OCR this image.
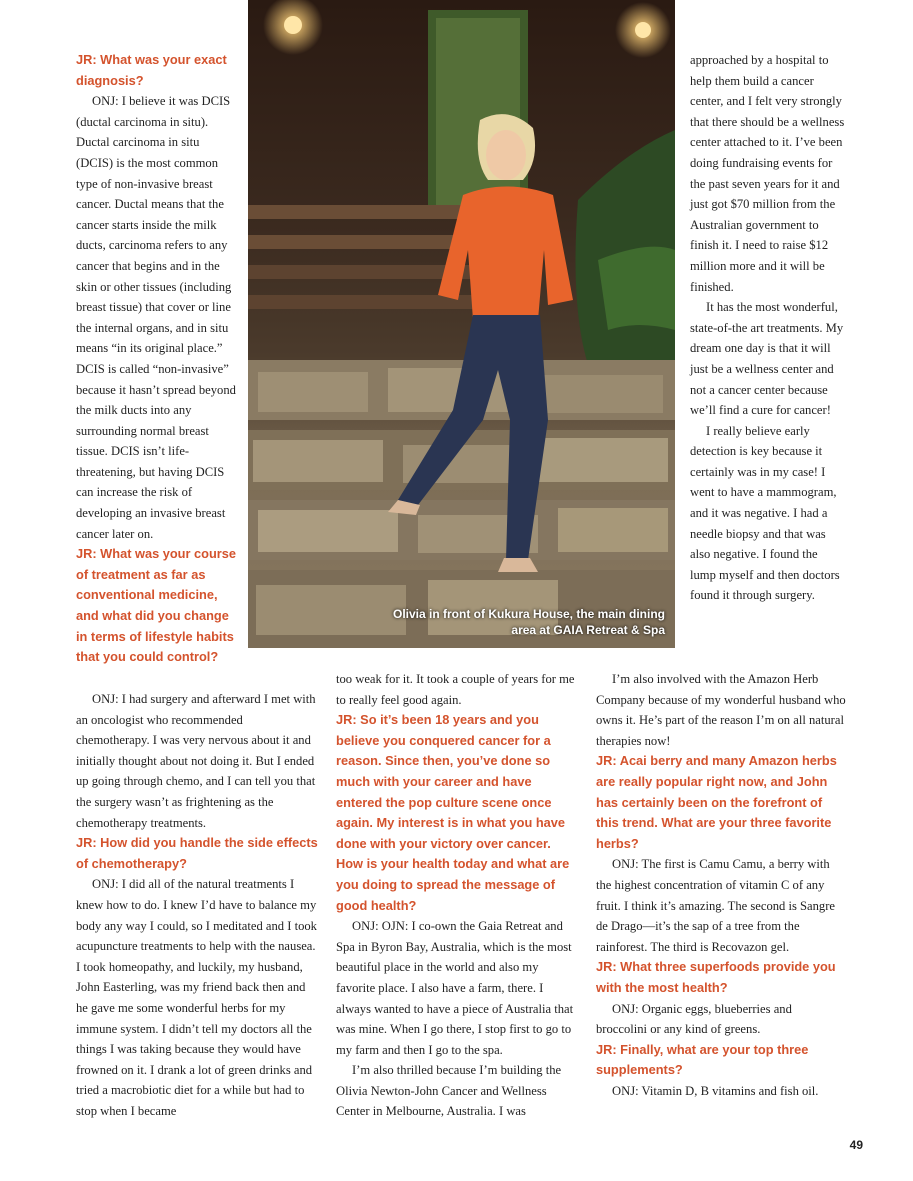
JR: What was your exact diagnosis?

ONJ: I believe it was DCIS (ductal carcinoma in situ). Ductal carcinoma in situ (DCIS) is the most common type of non-invasive breast cancer. Ductal means that the cancer starts inside the milk ducts, carcinoma refers to any cancer that begins and in the skin or other tissues (including breast tissue) that cover or line the internal organs, and in situ means “in its original place.” DCIS is called “non-invasive” because it hasn’t spread beyond the milk ducts into any surrounding normal breast tissue. DCIS isn’t life-threatening, but having DCIS can increase the risk of developing an invasive breast cancer later on.

JR: What was your course of treatment as far as conventional medicine, and what did you change in terms of lifestyle habits that you could control?

Olivia in front of Kukura House, the main dining
area at GAIA Retreat & Spa

approached by a hospital to help them build a cancer center, and I felt very strongly that there should be a wellness center attached to it. I’ve been doing fundraising events for the past seven years for it and just got $70 million from the Australian government to finish it. I need to raise $12 million more and it will be finished.

It has the most wonderful, state-of-the art treatments. My dream one day is that it will just be a wellness center and not a cancer center because we’ll find a cure for cancer!

I really believe early detection is key because it certainly was in my case! I went to have a mammogram, and it was negative. I had a needle biopsy and that was also negative. I found the lump myself and then doctors found it through surgery.

ONJ: I had surgery and afterward I met with an oncologist who recommended chemotherapy. I was very nervous about it and initially thought about not doing it. But I ended up going through chemo, and I can tell you that the surgery wasn’t as frightening as the chemotherapy treatments.

JR: How did you handle the side effects of chemotherapy?

ONJ: I did all of the natural treatments I knew how to do. I knew I’d have to balance my body any way I could, so I meditated and I took acupuncture treatments to help with the nausea. I took homeopathy, and luckily, my husband, John Easterling, was my friend back then and he gave me some wonderful herbs for my immune system. I didn’t tell my doctors all the things I was taking because they would have frowned on it. I drank a lot of green drinks and tried a macrobiotic diet for a while but had to stop when I became

too weak for it. It took a couple of years for me to really feel good again.

JR: So it’s been 18 years and you believe you conquered cancer for a reason. Since then, you’ve done so much with your career and have entered the pop culture scene once again. My interest is in what you have done with your victory over cancer. How is your health today and what are you doing to spread the message of good health?

ONJ: OJN: I co-own the Gaia Retreat and Spa in Byron Bay, Australia, which is the most beautiful place in the world and also my favorite place. I also have a farm, there. I always wanted to have a piece of Australia that was mine. When I go there, I stop first to go to my farm and then I go to the spa.

I’m also thrilled because I’m building the Olivia Newton-John Cancer and Wellness Center in Melbourne, Australia. I was

I’m also involved with the Amazon Herb Company because of my wonderful husband who owns it. He’s part of the reason I’m on all natural therapies now!

JR: Acai berry and many Amazon herbs are really popular right now, and John has certainly been on the forefront of this trend. What are your three favorite herbs?

ONJ: The first is Camu Camu, a berry with the highest concentration of vitamin C of any fruit. I think it’s amazing. The second is Sangre de Drago—it’s the sap of a tree from the rainforest. The third is Recovazon gel.

JR: What three superfoods provide you with the most health?

ONJ: Organic eggs, blueberries and broccolini or any kind of greens.

JR: Finally, what are your top three supplements?

ONJ: Vitamin D, B vitamins and fish oil.

49
